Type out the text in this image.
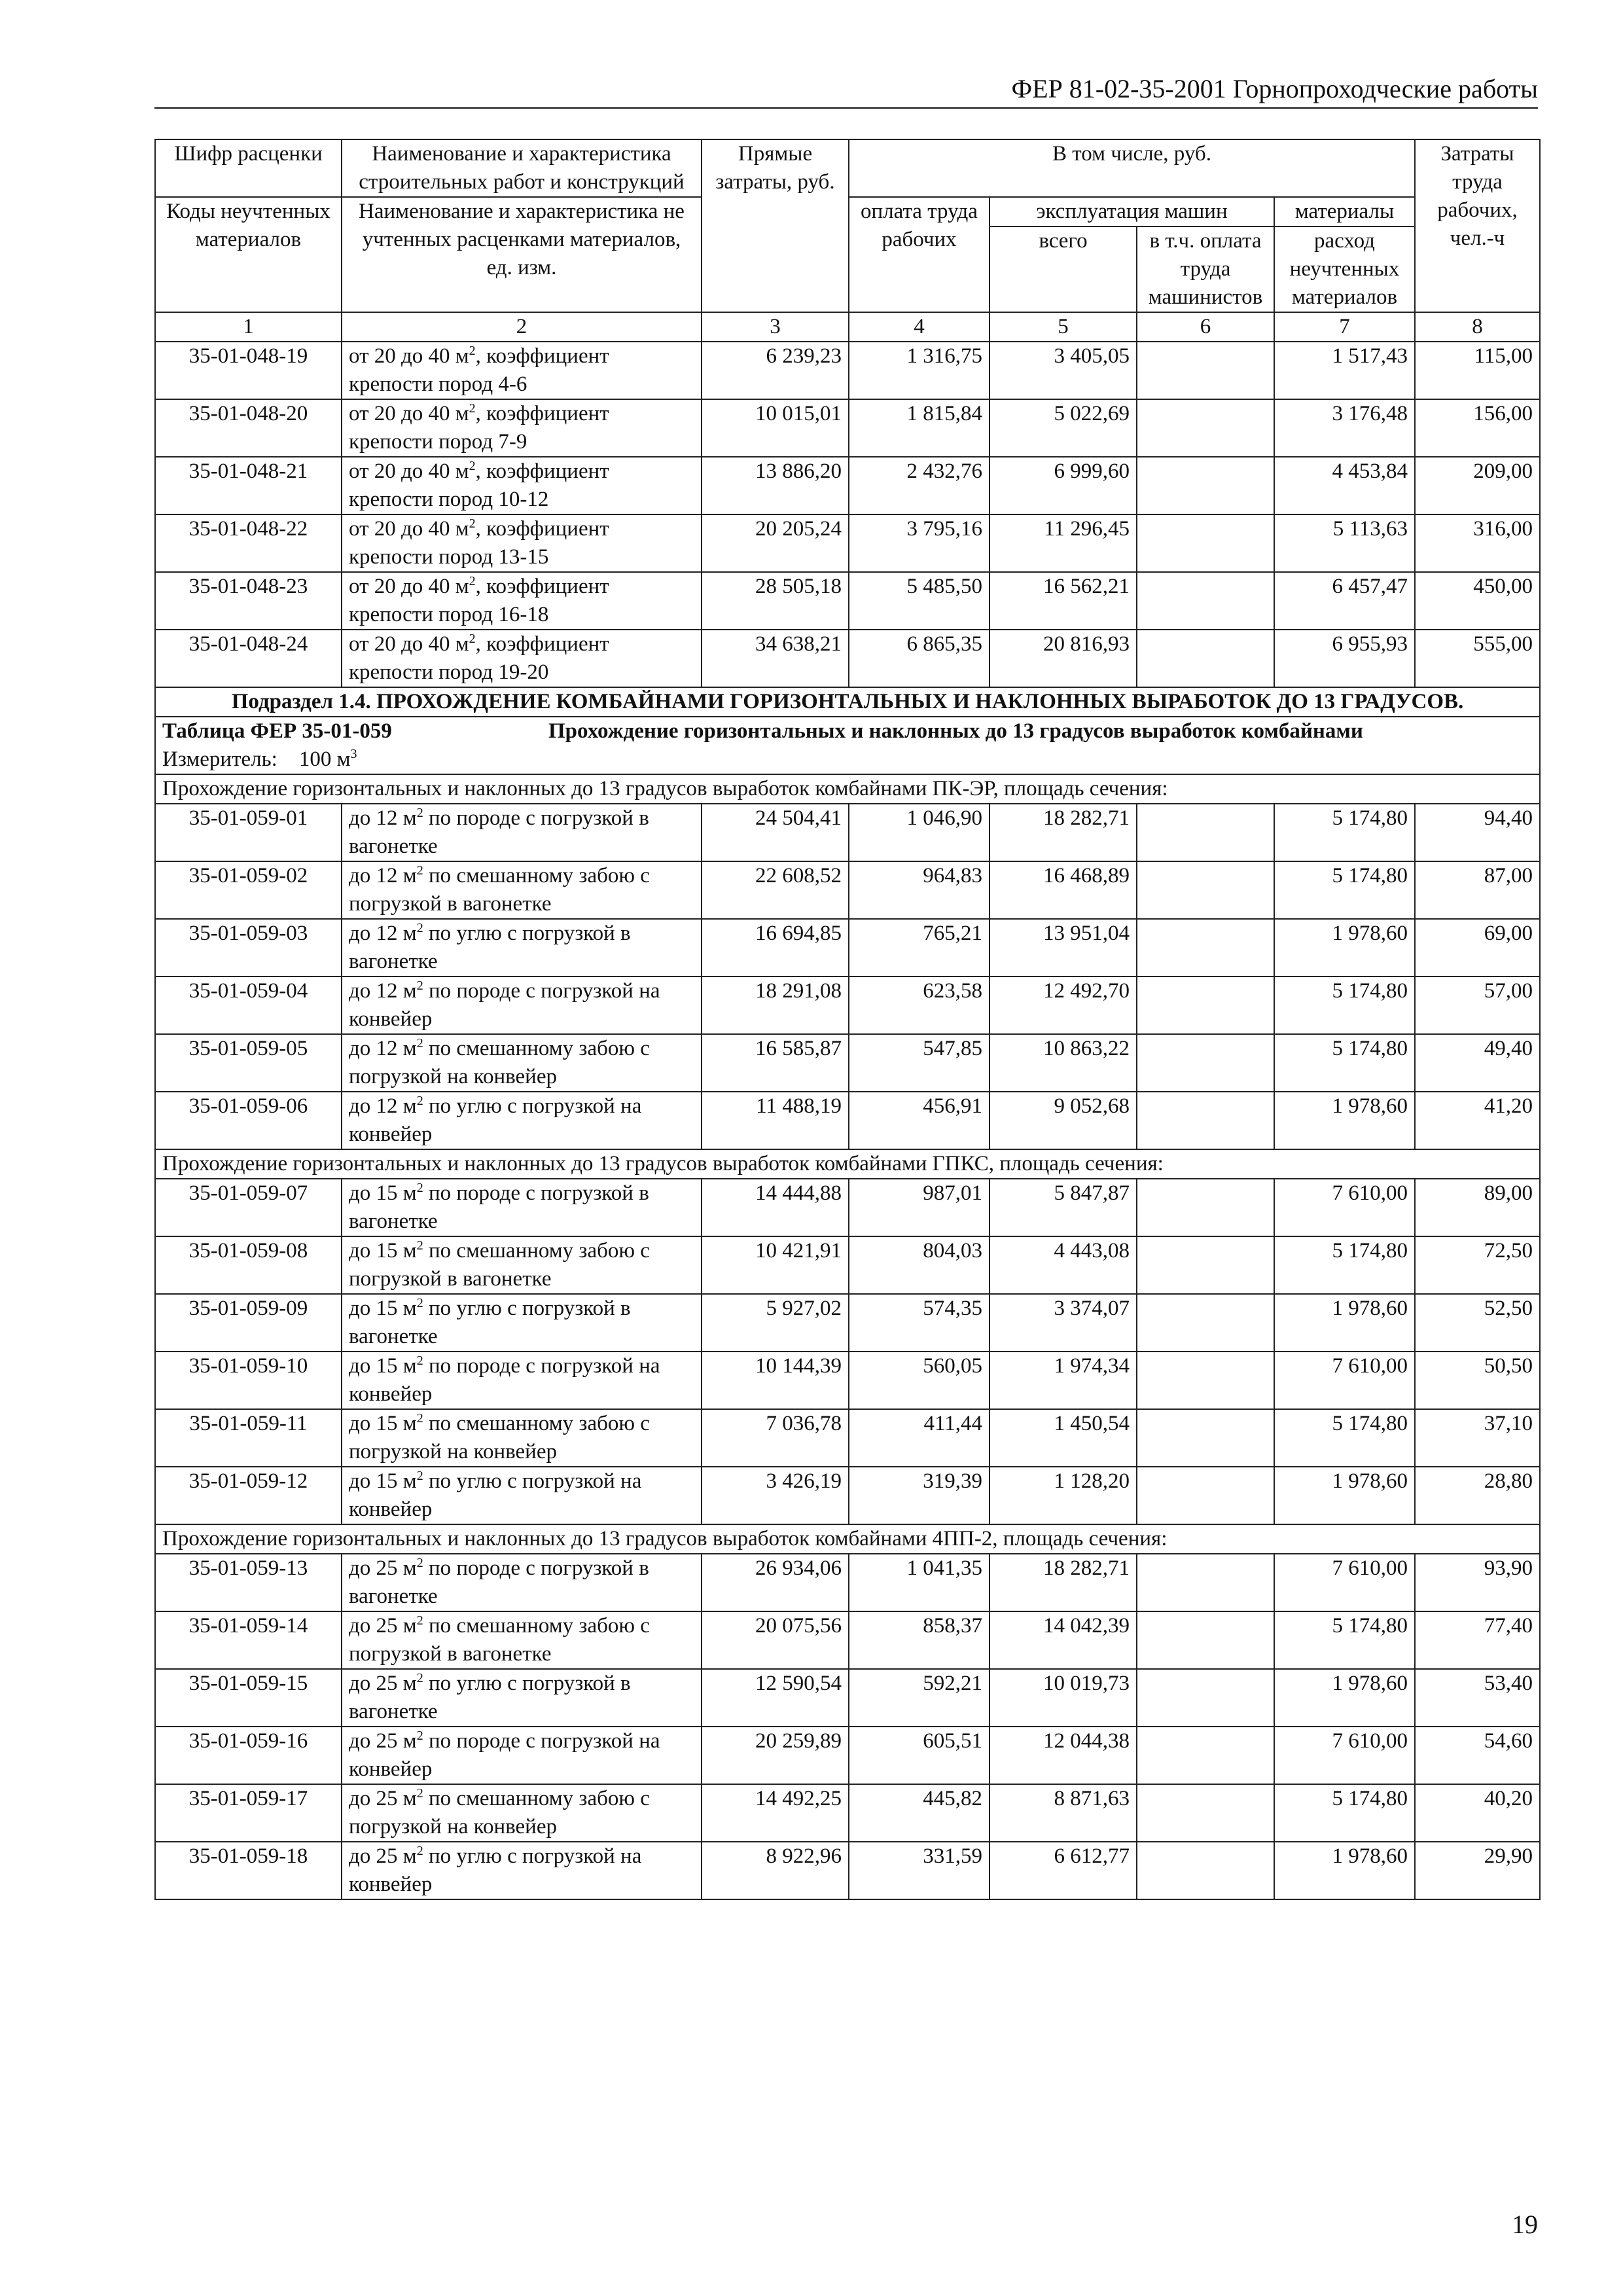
ФЕР 81-02-35-2001 Горнопроходческие работы
Шифр расценки	Наименование и характеристика строительных работ и конструкций	Прямые затраты, руб.	В том числе, руб.				Затраты труда рабочих, чел.-ч
Коды неучтенных материалов	Наименование и характеристика не учтенных расценками материалов, ед. изм.		оплата труда рабочих	эксплуатация машин		материалы	
				всего	в т.ч. оплата труда машинистов	расход неучтенных материалов	
1	2	3	4	5	6	7	8
35-01-048-19	от 20 до 40 $м^2$, коэффициент крепости пород 4-6	6 239,23	1 316,75	3 405,05		1 517,43	115,00
35-01-048-20	от 20 до 40 $м^2$, коэффициент крепости пород 7-9	10 015,01	1 815,84	5 022,69		3 176,48	156,00
35-01-048-21	от 20 до 40 $м^2$, коэффициент крепости пород 10-12	13 886,20	2 432,76	6 999,60		4 453,84	209,00
35-01-048-22	от 20 до 40 $м^2$, коэффициент крепости пород 13-15	20 205,24	3 795,16	11 296,45		5 113,63	316,00
35-01-048-23	от 20 до 40 $м^2$, коэффициент крепости пород 16-18	28 505,18	5 485,50	16 562,21		6 457,47	450,00
35-01-048-24	от 20 до 40 $м^2$, коэффициент крепости пород 19-20	34 638,21	6 865,35	20 816,93		6 955,93	555,00
Подраздел 1.4. ПРОХОЖДЕНИЕ КОМБАЙНАМИ ГОРИЗОНТАЛЬНЫХ И НАКЛОННЫХ ВЫРАБОТОК ДО 13 ГРАДУСОВ.							

Таблица ФЕР 35-01-059 Прохождение горизонтальных и наклонных до 13 градусов выработок комбайнами							

Измеритель: 100 $м^3$
Прохождение горизонтальных и наклонных до 13 градусов выработок комбайнами ПК-ЭР, площадь сечения:							
35-01-059-01	до 12 $м^2$ по породе с погрузкой в вагонетке	24 504,41	1 046,90	18 282,71		5 174,80	94,40
35-01-059-02	до 12 $м^2$ по смешанному забою с погрузкой в вагонетке	22 608,52	964,83	16 468,89		5 174,80	87,00
35-01-059-03	до 12 $м^2$ по углю с погрузкой в вагонетке	16 694,85	765,21	13 951,04		1 978,60	69,00
35-01-059-04	до 12 $м^2$ по породе с погрузкой на конвейер	18 291,08	623,58	12 492,70		5 174,80	57,00
35-01-059-05	до 12 $м^2$ по смешанному забою с погрузкой на конвейер	16 585,87	547,85	10 863,22		5 174,80	49,40
35-01-059-06	до 12 $м^2$ по углю с погрузкой на конвейер	11 488,19	456,91	9 052,68		1 978,60	41,20
Прохождение горизонтальных и наклонных до 13 градусов выработок комбайнами ГПКС, площадь сечения:							
35-01-059-07	до 15 $м^2$ по породе с погрузкой в вагонетке	14 444,88	987,01	5 847,87		7 610,00	89,00
35-01-059-08	до 15 $м^2$ по смешанному забою с погрузкой в вагонетке	10 421,91	804,03	4 443,08		5 174,80	72,50
35-01-059-09	до 15 $м^2$ по углю с погрузкой в вагонетке	5 927,02	574,35	3 374,07		1 978,60	52,50
35-01-059-10	до 15 $м^2$ по породе с погрузкой на конвейер	10 144,39	560,05	1 974,34		7 610,00	50,50
35-01-059-11	до 15 $м^2$ по смешанному забою с погрузкой на конвейер	7 036,78	411,44	1 450,54		5 174,80	37,10
35-01-059-12	до 15 $м^2$ по углю с погрузкой на конвейер	3 426,19	319,39	1 128,20		1 978,60	28,80
Прохождение горизонтальных и наклонных до 13 градусов выработок комбайнами 4ПП-2, площадь сечения:							
35-01-059-13	до 25 $м^2$ по породе с погрузкой в вагонетке	26 934,06	1 041,35	18 282,71		7 610,00	93,90
35-01-059-14	до 25 $м^2$ по смешанному забою с погрузкой в вагонетке	20 075,56	858,37	14 042,39		5 174,80	77,40
35-01-059-15	до 25 $м^2$ по углю с погрузкой в вагонетке	12 590,54	592,21	10 019,73		1 978,60	53,40
35-01-059-16	до 25 $м^2$ по породе с погрузкой на конвейер	20 259,89	605,51	12 044,38		7 610,00	54,60
35-01-059-17	до 25 $м^2$ по смешанному забою с погрузкой на конвейер	14 492,25	445,82	8 871,63		5 174,80	40,20
35-01-059-18	до 25 $м^2$ по углю с погрузкой на конвейер	8 922,96	331,59	6 612,77		1 978,60	29,90
19
